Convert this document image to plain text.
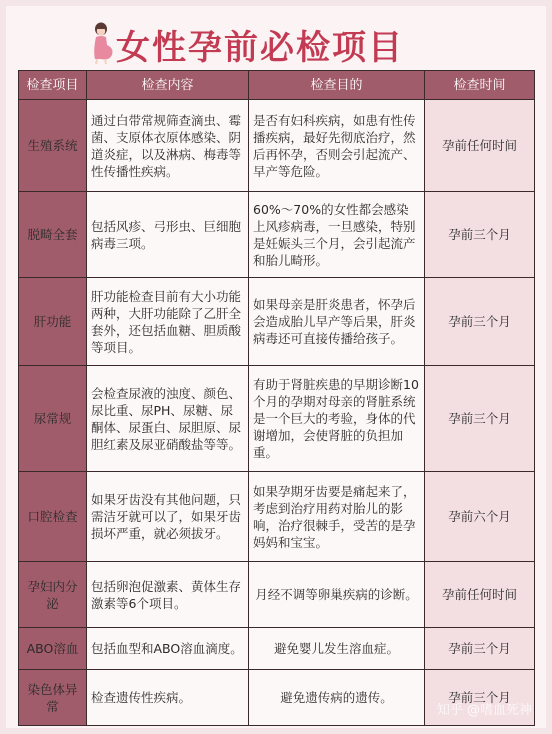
女性孕前必检项目
检查项目	检查内容	检查目的	检查时间
生殖系统	通过白带常规筛查滴虫、霉菌、支原体衣原体感染、阴道炎症，以及淋病、梅毒等性传播性疾病。	是否有妇科疾病，如患有性传播疾病，最好先彻底治疗，然后再怀孕，否则会引起流产、早产等危险。	孕前任何时间
脱畸全套	包括风疹、弓形虫、巨细胞病毒三项。	60%～70%的女性都会感染上风疹病毒，一旦感染，特别是妊娠头三个月，会引起流产和胎儿畸形。	孕前三个月
肝功能	肝功能检查目前有大小功能两种，大肝功能除了乙肝全套外，还包括血糖、胆质酸等项目。	如果母亲是肝炎患者，怀孕后会造成胎儿早产等后果，肝炎病毒还可直接传播给孩子。	孕前三个月
尿常规	会检查尿液的浊度、颜色、尿比重、尿PH、尿糖、尿酮体、尿蛋白、尿胆原、尿胆红素及尿亚硝酸盐等等。	有助于肾脏疾患的早期诊断10个月的孕期对母亲的肾脏系统是一个巨大的考验，身体的代谢增加，会使肾脏的负担加重。	孕前三个月
口腔检查	如果牙齿没有其他问题，只需洁牙就可以了，如果牙齿损坏严重，就必须拔牙。	如果孕期牙齿要是痛起来了，考虑到治疗用药对胎儿的影响，治疗很棘手，受苦的是孕妈妈和宝宝。	孕前六个月
孕妇内分泌	包括卵泡促激素、黄体生存激素等6个项目。	月经不调等卵巢疾病的诊断。	孕前任何时间
ABO溶血	包括血型和ABO溶血滴度。	避免婴儿发生溶血症。	孕前三个月
染色体异常	检查遗传性疾病。	避免遗传病的遗传。	孕前三个月
知乎 @嗜血死神
